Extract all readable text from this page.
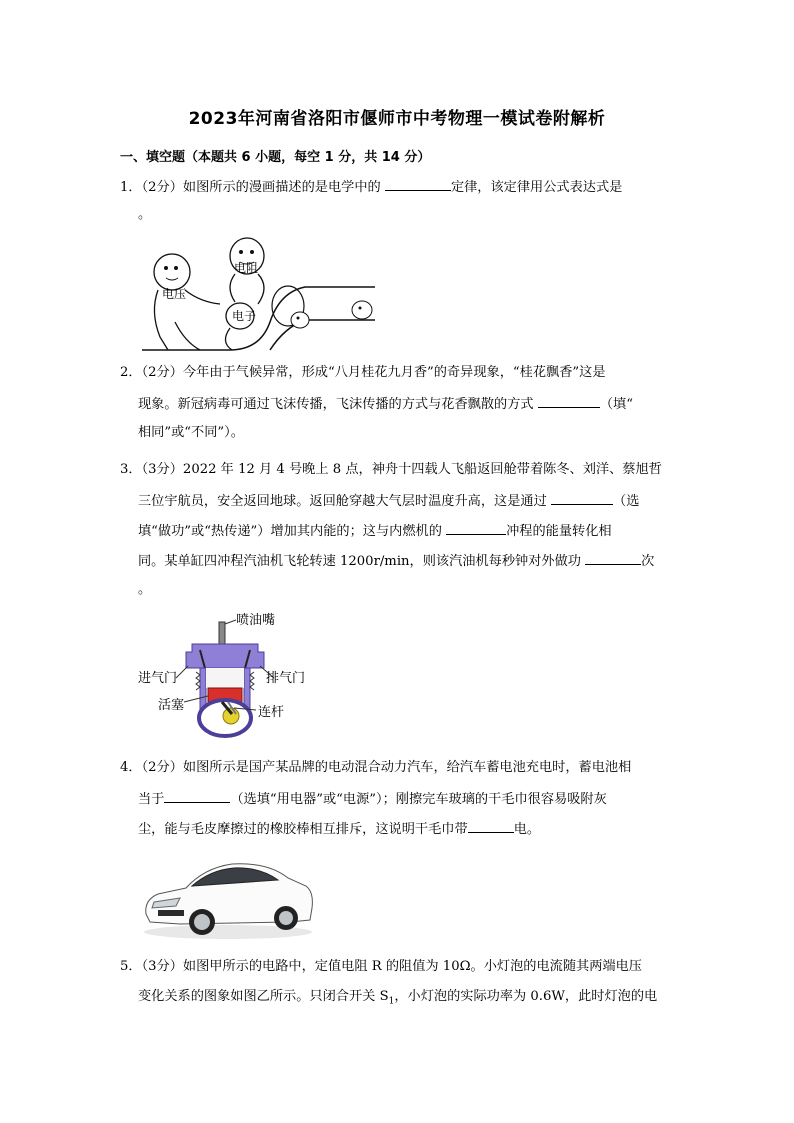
2023年河南省洛阳市偃师市中考物理一模试卷附解析
一、填空题（本题共 6 小题，每空 1 分，共 14 分）
1．（2分）如图所示的漫画描述的是电学中的	定律，该定律用公式表达式是
。
电压
电阻
电子
2．（2分）今年由于气候异常，形成“八月桂花九月香”的奇异现象，“桂花飘香”这是
现象。新冠病毒可通过飞沫传播，飞沫传播的方式与花香飘散的方式	（填“
相同”或“不同”）。
3．（3分）2022 年 12 月 4 号晚上 8 点，神舟十四载人飞船返回舱带着陈冬、刘洋、蔡旭哲
三位宇航员，安全返回地球。返回舱穿越大气层时温度升高，这是通过	（选
填“做功”或“热传递”）增加其内能的；这与内燃机的	冲程的能量转化相
同。某单缸四冲程汽油机飞轮转速 1200r/min，则该汽油机每秒钟对外做功	次
。
喷油嘴
进气门	排气门
活塞	连杆
4．（2分）如图所示是国产某品牌的电动混合动力汽车，给汽车蓄电池充电时，蓄电池相
当于	（选填“用电器”或“电源”）；刚擦完车玻璃的干毛巾很容易吸附灰
尘，能与毛皮摩擦过的橡胶棒相互排斥，这说明干毛巾带	电。
5．（3分）如图甲所示的电路中，定值电阻 R 的阻值为 10Ω。小灯泡的电流随其两端电压
变化关系的图象如图乙所示。只闭合开关 $S_1$，小灯泡的实际功率为 0.6W，此时灯泡的电
